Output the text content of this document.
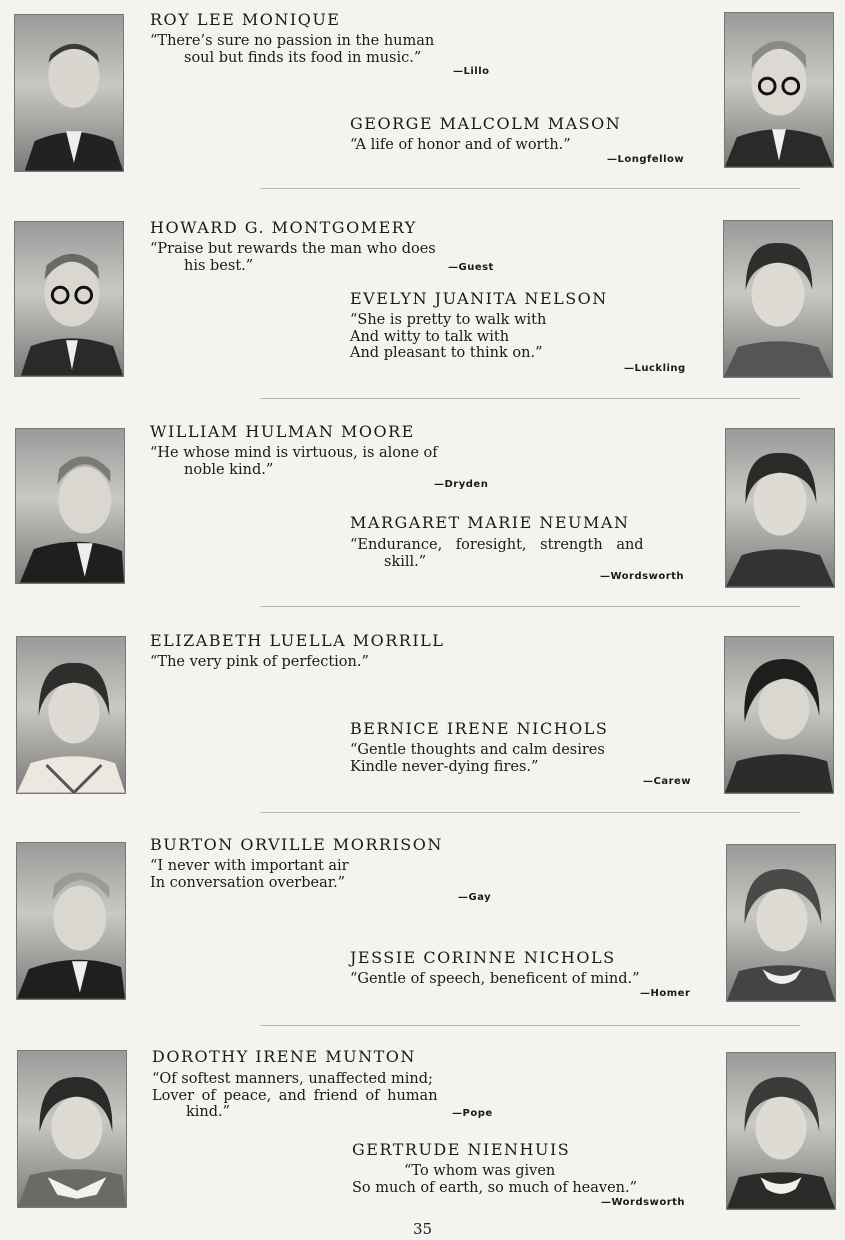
ROY LEE MONIQUE
“There’s sure no passion in the human
soul but finds its food in music.”
—Lillo
GEORGE MALCOLM MASON
“A life of honor and of worth.”
—Longfellow
HOWARD G. MONTGOMERY
“Praise but rewards the man who does
his best.”	—Guest
EVELYN JUANITA NELSON
“She is pretty to walk with
And witty to talk with
And pleasant to think on.”
—Luckling
WILLIAM HULMAN MOORE
“He whose mind is virtuous, is alone of
noble kind.”
—Dryden
MARGARET MARIE NEUMAN
“Endurance, foresight, strength and
skill.”
—Wordsworth
ELIZABETH LUELLA MORRILL
“The very pink of perfection.”
BERNICE IRENE NICHOLS
“Gentle thoughts and calm desires
Kindle never-dying fires.”
—Carew
BURTON ORVILLE MORRISON
“I never with important air
In conversation overbear.”
—Gay
JESSIE CORINNE NICHOLS
“Gentle of speech, beneficent of mind.”
—Homer
DOROTHY IRENE MUNTON
“Of softest manners, unaffected mind;
Lover of peace, and friend of human
kind.”	—Pope
GERTRUDE NIENHUIS
“To whom was given
So much of earth, so much of heaven.”
—Wordsworth
35
